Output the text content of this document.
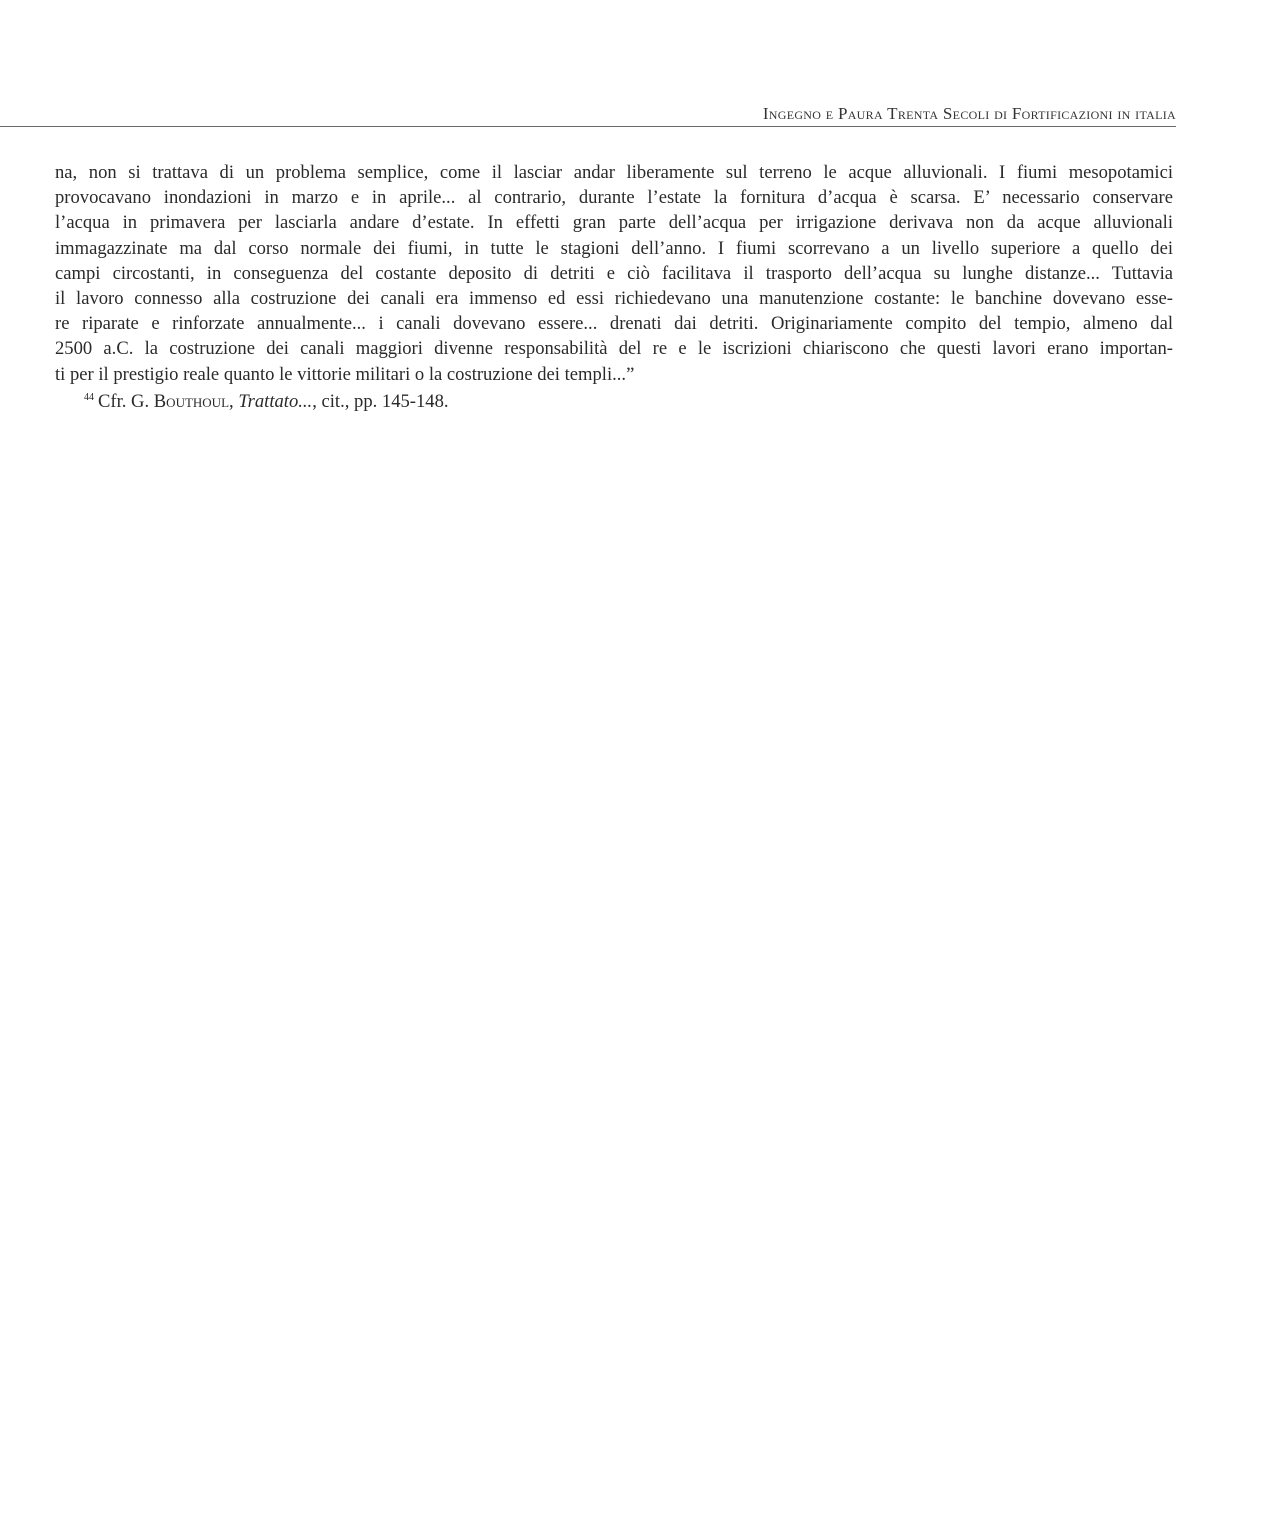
Ingegno e Paura Trenta Secoli di Fortificazioni in italia
na, non si trattava di un problema semplice, come il lasciar andar liberamente sul terreno le acque alluvionali. I fiumi mesopotamici
provocavano inondazioni in marzo e in aprile... al contrario, durante l’estate la fornitura d’acqua è scarsa. E’ necessario conservare
l’acqua in primavera per lasciarla andare d’estate. In effetti gran parte dell’acqua per irrigazione derivava non da acque alluvionali
immagazzinate ma dal corso normale dei fiumi, in tutte le stagioni dell’anno. I fiumi scorrevano a un livello superiore a quello dei
campi circostanti, in conseguenza del costante deposito di detriti e ciò facilitava il trasporto dell’acqua su lunghe distanze... Tuttavia
il lavoro connesso alla costruzione dei canali era immenso ed essi richiedevano una manutenzione costante: le banchine dovevano esse-
re riparate e rinforzate annualmente... i canali dovevano essere... drenati dai detriti. Originariamente compito del tempio, almeno dal
2500 a.C. la costruzione dei canali maggiori divenne responsabilità del re e le iscrizioni chiariscono che questi lavori erano importan-
ti per il prestigio reale quanto le vittorie militari o la costruzione dei templi...”
$^{44}$ Cfr. G. Bouthoul, Trattato..., cit., pp. 145-148.
